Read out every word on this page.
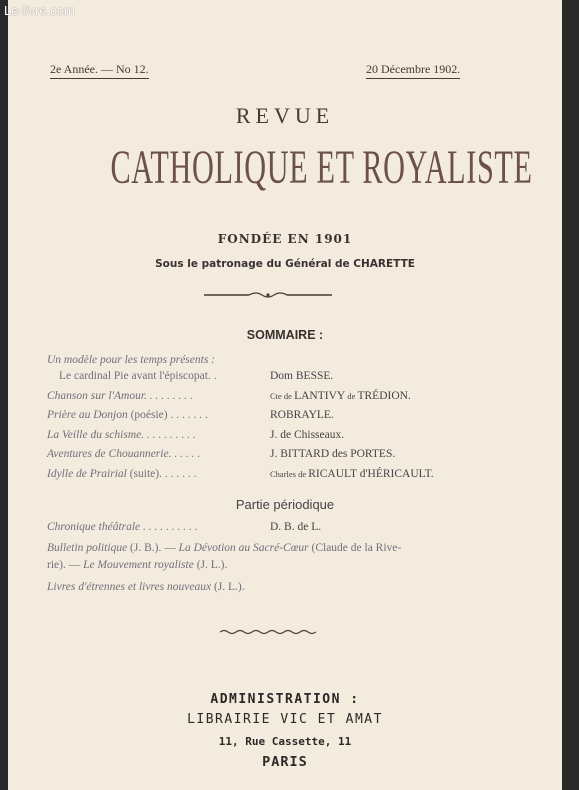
Le-livre.com
2e Année. — No 12.	20 Décembre 1902.
REVUE
CATHOLIQUE ET ROYALISTE
FONDÉE EN 1901
Sous le patronage du Général de CHARETTE
SOMMAIRE :
Un modèle pour les temps présents :
Le cardinal Pie avant l'épiscopat. .	Dom BESSE.
Chanson sur l'Amour. . . . . . . . .	Cte de LANTIVY de TRÉDION.
Prière au Donjon (poésie) . . . . . . .	ROBRAYLE.
La Veille du schisme. . . . . . . . . .	J. de Chisseaux.
Aventures de Chouannerie. . . . . .	J. BITTARD des PORTES.
Idylle de Prairial (suite). . . . . . .	Charles de RICAULT d'HÉRICAULT.
Partie périodique
Chronique théâtrale . . . . . . . . . .	D. B. de L.
Bulletin politique (J. B.). — La Dévotion au Sacré-Cœur (Claude de la Rive-
rie). — Le Mouvement royaliste (J. L.).
Livres d'étrennes et livres nouveaux (J. L.).
ADMINISTRATION :
LIBRAIRIE VIC ET AMAT
11, Rue Cassette, 11
PARIS
